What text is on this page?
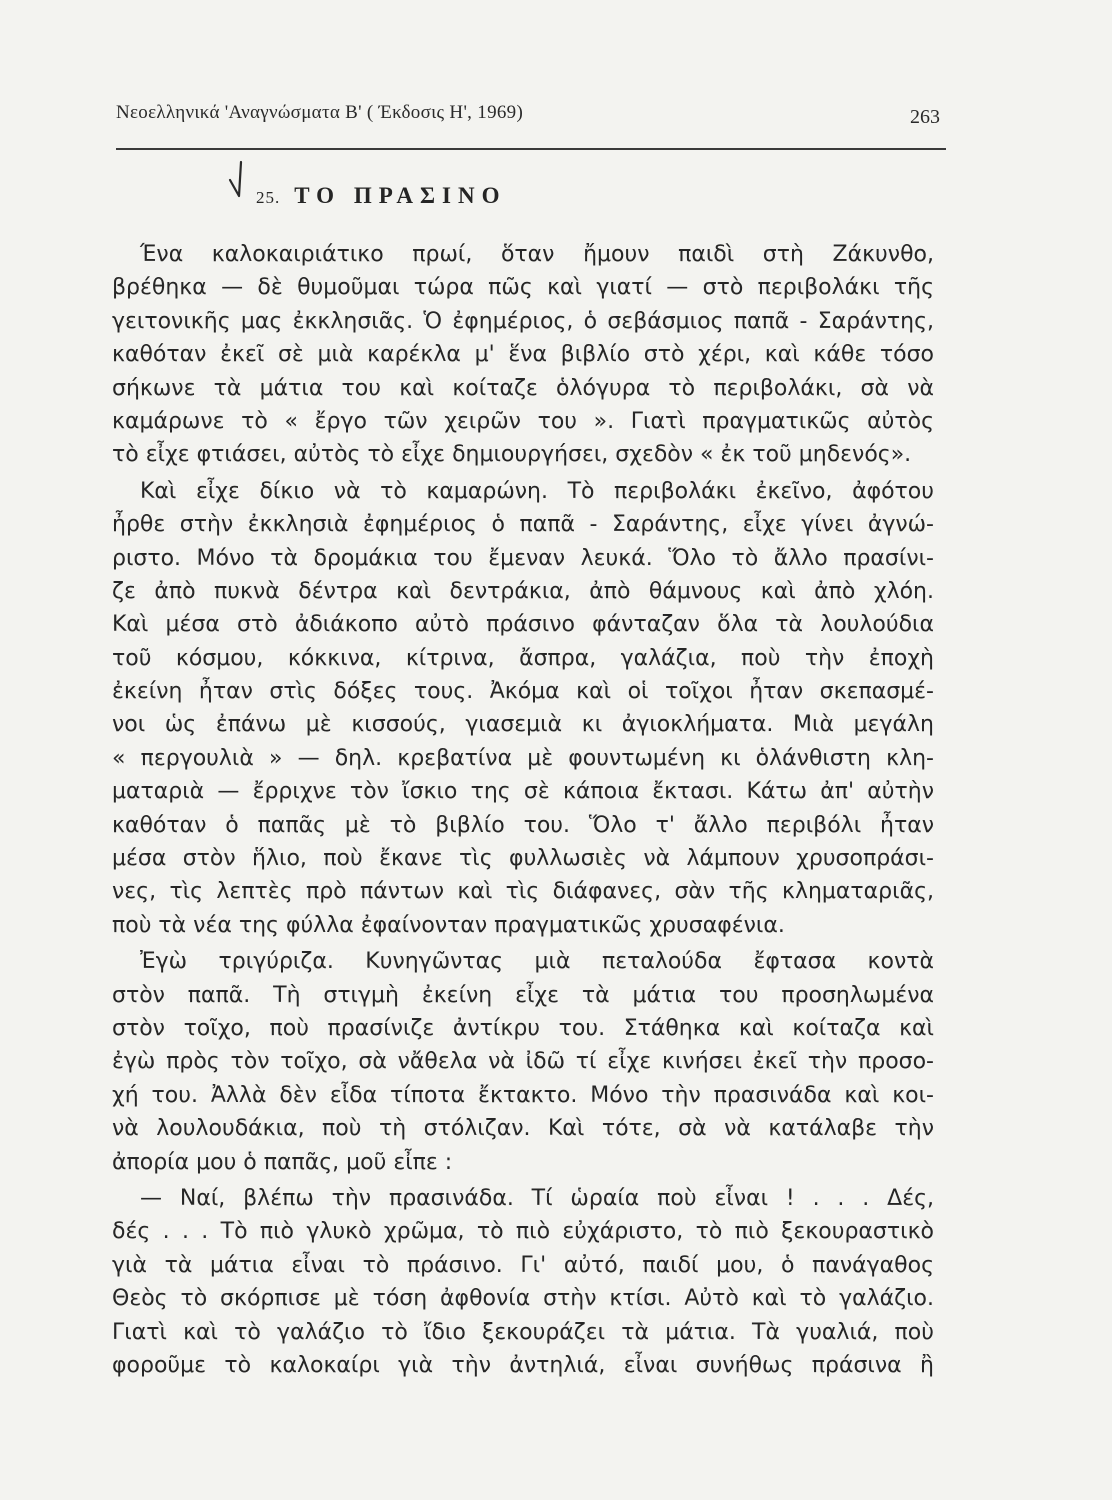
Νεοελληνικά 'Αναγνώσματα Β' ( Έκδοσις Η', 1969)	263
25. ΤΟ ΠΡΑΣΙΝΟ
Ένα καλοκαιριάτικο πρωί, ὅταν ἤμουν παιδὶ στὴ Ζάκυνθο,
βρέθηκα — δὲ θυμοῦμαι τώρα πῶς καὶ γιατί — στὸ περιβολάκι τῆς
γειτονικῆς μας ἐκκλησιᾶς. Ὁ ἐφημέριος, ὁ σεβάσμιος παπᾶ - Σαράντης,
καθόταν ἐκεῖ σὲ μιὰ καρέκλα μ' ἕνα βιβλίο στὸ χέρι, καὶ κάθε τόσο
σήκωνε τὰ μάτια του καὶ κοίταζε ὁλόγυρα τὸ περιβολάκι, σὰ νὰ
καμάρωνε τὸ « ἔργο τῶν χειρῶν του ». Γιατὶ πραγματικῶς αὐτὸς
τὸ εἶχε φτιάσει, αὐτὸς τὸ εἶχε δημιουργήσει, σχεδὸν « ἐκ τοῦ μηδενός».
Καὶ εἶχε δίκιο νὰ τὸ καμαρώνη. Τὸ περιβολάκι ἐκεῖνο, ἀφότου
ἦρθε στὴν ἐκκλησιὰ ἐφημέριος ὁ παπᾶ - Σαράντης, εἶχε γίνει ἀγνώ-
ριστο. Μόνο τὰ δρομάκια του ἔμεναν λευκά. Ὅλο τὸ ἄλλο πρασίνι-
ζε ἀπὸ πυκνὰ δέντρα καὶ δεντράκια, ἀπὸ θάμνους καὶ ἀπὸ χλόη.
Καὶ μέσα στὸ ἀδιάκοπο αὐτὸ πράσινο φάνταζαν ὅλα τὰ λουλούδια
τοῦ κόσμου, κόκκινα, κίτρινα, ἄσπρα, γαλάζια, ποὺ τὴν ἐποχὴ
ἐκείνη ἦταν στὶς δόξες τους. Ἀκόμα καὶ οἱ τοῖχοι ἦταν σκεπασμέ-
νοι ὡς ἐπάνω μὲ κισσούς, γιασεμιὰ κι ἀγιοκλήματα. Μιὰ μεγάλη
« περγουλιὰ » — δηλ. κρεβατίνα μὲ φουντωμένη κι ὁλάνθιστη κλη-
ματαριὰ — ἔρριχνε τὸν ἴσκιο της σὲ κάποια ἔκτασι. Κάτω ἀπ' αὐτὴν
καθόταν ὁ παπᾶς μὲ τὸ βιβλίο του. Ὅλο τ' ἄλλο περιβόλι ἦταν
μέσα στὸν ἥλιο, ποὺ ἔκανε τὶς φυλλωσιὲς νὰ λάμπουν χρυσοπράσι-
νες, τὶς λεπτὲς πρὸ πάντων καὶ τὶς διάφανες, σὰν τῆς κληματαριᾶς,
ποὺ τὰ νέα της φύλλα ἐφαίνονταν πραγματικῶς χρυσαφένια.
Ἐγὼ τριγύριζα. Κυνηγῶντας μιὰ πεταλούδα ἔφτασα κοντὰ
στὸν παπᾶ. Τὴ στιγμὴ ἐκείνη εἶχε τὰ μάτια του προσηλωμένα
στὸν τοῖχο, ποὺ πρασίνιζε ἀντίκρυ του. Στάθηκα καὶ κοίταζα καὶ
ἐγὼ πρὸς τὸν τοῖχο, σὰ νἄθελα νὰ ἰδῶ τί εἶχε κινήσει ἐκεῖ τὴν προσο-
χή του. Ἀλλὰ δὲν εἶδα τίποτα ἔκτακτο. Μόνο τὴν πρασινάδα καὶ κοι-
νὰ λουλουδάκια, ποὺ τὴ στόλιζαν. Καὶ τότε, σὰ νὰ κατάλαβε τὴν
ἀπορία μου ὁ παπᾶς, μοῦ εἶπε :
— Ναί, βλέπω τὴν πρασινάδα. Τί ὡραία ποὺ εἶναι ! . . . Δές,
δές . . . Τὸ πιὸ γλυκὸ χρῶμα, τὸ πιὸ εὐχάριστο, τὸ πιὸ ξεκουραστικὸ
γιὰ τὰ μάτια εἶναι τὸ πράσινο. Γι' αὐτό, παιδί μου, ὁ πανάγαθος
Θεὸς τὸ σκόρπισε μὲ τόση ἀφθονία στὴν κτίσι. Αὐτὸ καὶ τὸ γαλάζιο.
Γιατὶ καὶ τὸ γαλάζιο τὸ ἴδιο ξεκουράζει τὰ μάτια. Τὰ γυαλιά, ποὺ
φοροῦμε τὸ καλοκαίρι γιὰ τὴν ἀντηλιά, εἶναι συνήθως πράσινα ἢ
